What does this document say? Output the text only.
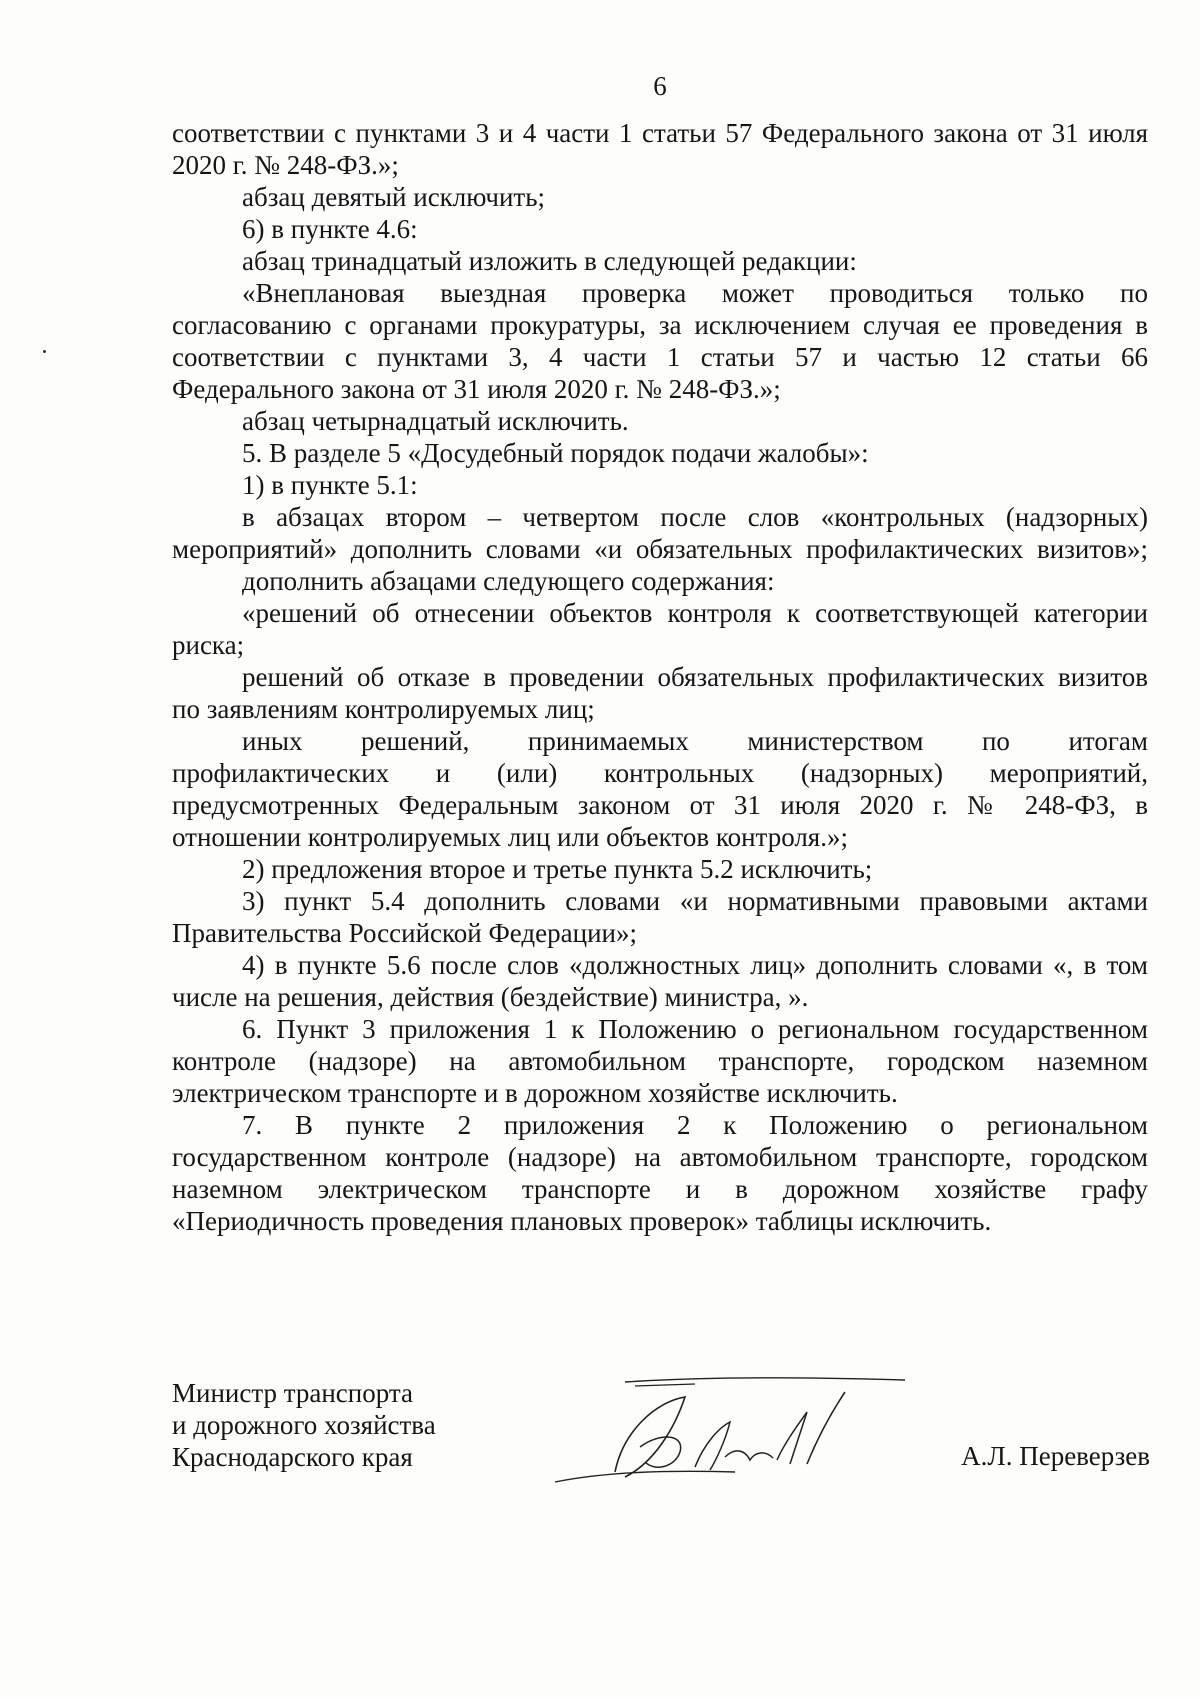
6
соответствии с пунктами 3 и 4 части 1 статьи 57 Федерального закона от 31 июля
2020 г. № 248-ФЗ.»;
абзац девятый исключить;
6) в пункте 4.6:
абзац тринадцатый изложить в следующей редакции:
«Внеплановая выездная проверка может проводиться только по
согласованию с органами прокуратуры, за исключением случая ее проведения в
соответствии с пунктами 3, 4 части 1 статьи 57 и частью 12 статьи 66
Федерального закона от 31 июля 2020 г. № 248-ФЗ.»;
абзац четырнадцатый исключить.
5. В разделе 5 «Досудебный порядок подачи жалобы»:
1) в пункте 5.1:
в абзацах втором – четвертом после слов «контрольных (надзорных)
мероприятий» дополнить словами «и обязательных профилактических визитов»;
дополнить абзацами следующего содержания:
«решений об отнесении объектов контроля к соответствующей категории
риска;
решений об отказе в проведении обязательных профилактических визитов
по заявлениям контролируемых лиц;
иных решений, принимаемых министерством по итогам
профилактических и (или) контрольных (надзорных) мероприятий,
предусмотренных Федеральным законом от 31 июля 2020 г. № 248-ФЗ, в
отношении контролируемых лиц или объектов контроля.»;
2) предложения второе и третье пункта 5.2 исключить;
3) пункт 5.4 дополнить словами «и нормативными правовыми актами
Правительства Российской Федерации»;
4) в пункте 5.6 после слов «должностных лиц» дополнить словами «, в том
числе на решения, действия (бездействие) министра, ».
6. Пункт 3 приложения 1 к Положению о региональном государственном
контроле (надзоре) на автомобильном транспорте, городском наземном
электрическом транспорте и в дорожном хозяйстве исключить.
7. В пункте 2 приложения 2 к Положению о региональном
государственном контроле (надзоре) на автомобильном транспорте, городском
наземном электрическом транспорте и в дорожном хозяйстве графу
«Периодичность проведения плановых проверок» таблицы исключить.
Министр транспорта
и дорожного хозяйства
Краснодарского края	А.Л. Переверзев
